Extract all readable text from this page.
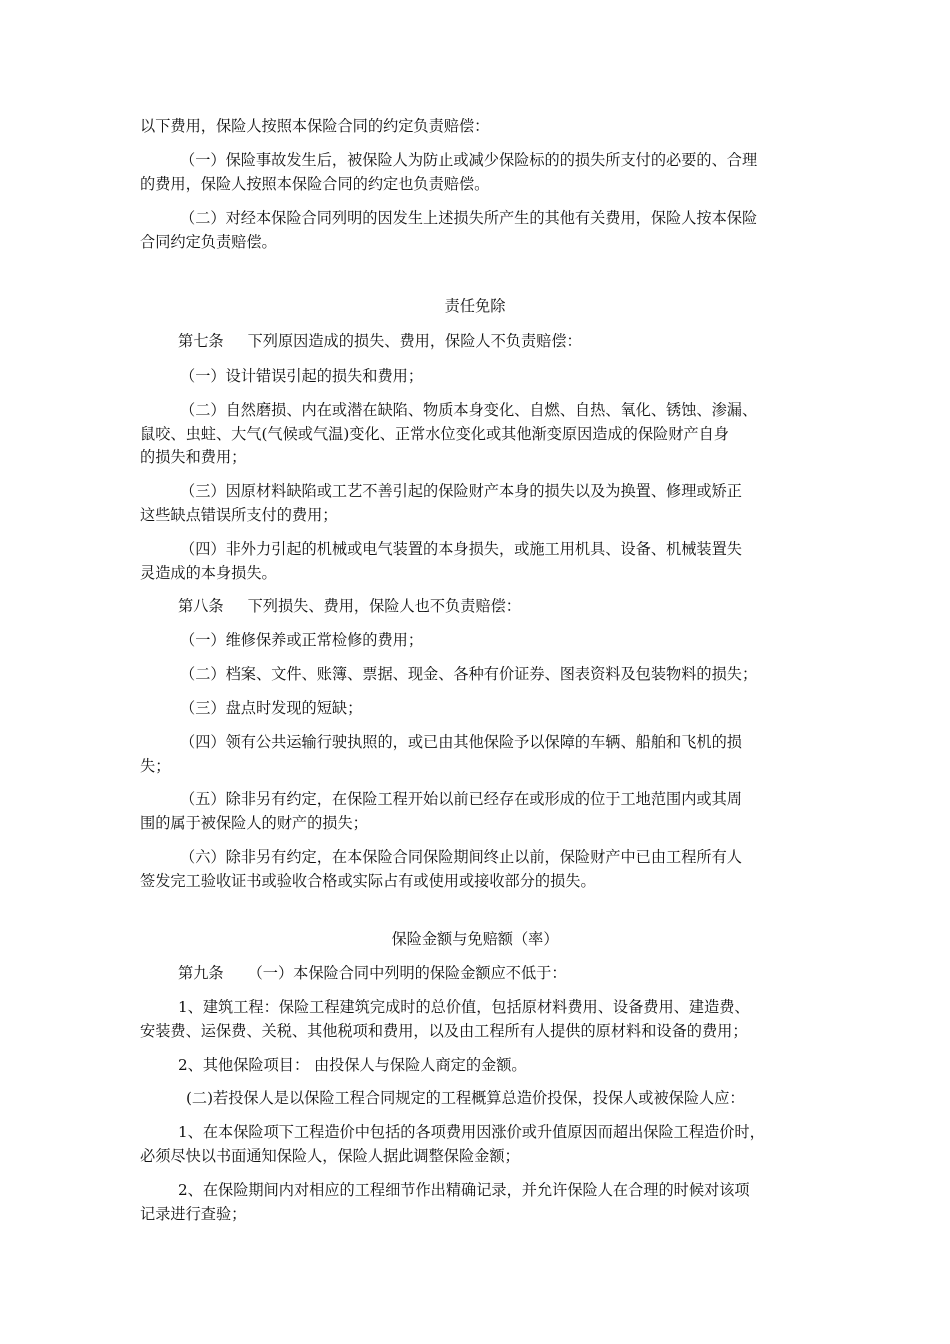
以下费用，保险人按照本保险合同的约定负责赔偿：
（一）保险事故发生后，被保险人为防止或减少保险标的的损失所支付的必要的、合理
的费用，保险人按照本保险合同的约定也负责赔偿。
（二）对经本保险合同列明的因发生上述损失所产生的其他有关费用，保险人按本保险
合同约定负责赔偿。
责任免除
第七条 下列原因造成的损失、费用，保险人不负责赔偿：
（一）设计错误引起的损失和费用；
（二）自然磨损、内在或潜在缺陷、物质本身变化、自燃、自热、氧化、锈蚀、渗漏、
鼠咬、虫蛀、大气(气候或气温)变化、正常水位变化或其他渐变原因造成的保险财产自身
的损失和费用；
（三）因原材料缺陷或工艺不善引起的保险财产本身的损失以及为换置、修理或矫正
这些缺点错误所支付的费用；
（四）非外力引起的机械或电气装置的本身损失，或施工用机具、设备、机械装置失
灵造成的本身损失。
第八条 下列损失、费用，保险人也不负责赔偿：
（一）维修保养或正常检修的费用；
（二）档案、文件、账簿、票据、现金、各种有价证券、图表资料及包装物料的损失；
（三）盘点时发现的短缺；
（四）领有公共运输行驶执照的，或已由其他保险予以保障的车辆、船舶和飞机的损
失；
（五）除非另有约定，在保险工程开始以前已经存在或形成的位于工地范围内或其周
围的属于被保险人的财产的损失；
（六）除非另有约定，在本保险合同保险期间终止以前，保险财产中已由工程所有人
签发完工验收证书或验收合格或实际占有或使用或接收部分的损失。
保险金额与免赔额（率）
第九条 （一）本保险合同中列明的保险金额应不低于：
1、建筑工程：保险工程建筑完成时的总价值，包括原材料费用、设备费用、建造费、
安装费、运保费、关税、其他税项和费用，以及由工程所有人提供的原材料和设备的费用；
2、其他保险项目： 由投保人与保险人商定的金额。
(二)若投保人是以保险工程合同规定的工程概算总造价投保，投保人或被保险人应：
1、在本保险项下工程造价中包括的各项费用因涨价或升值原因而超出保险工程造价时，
必须尽快以书面通知保险人，保险人据此调整保险金额；
2、在保险期间内对相应的工程细节作出精确记录，并允许保险人在合理的时候对该项
记录进行查验；
